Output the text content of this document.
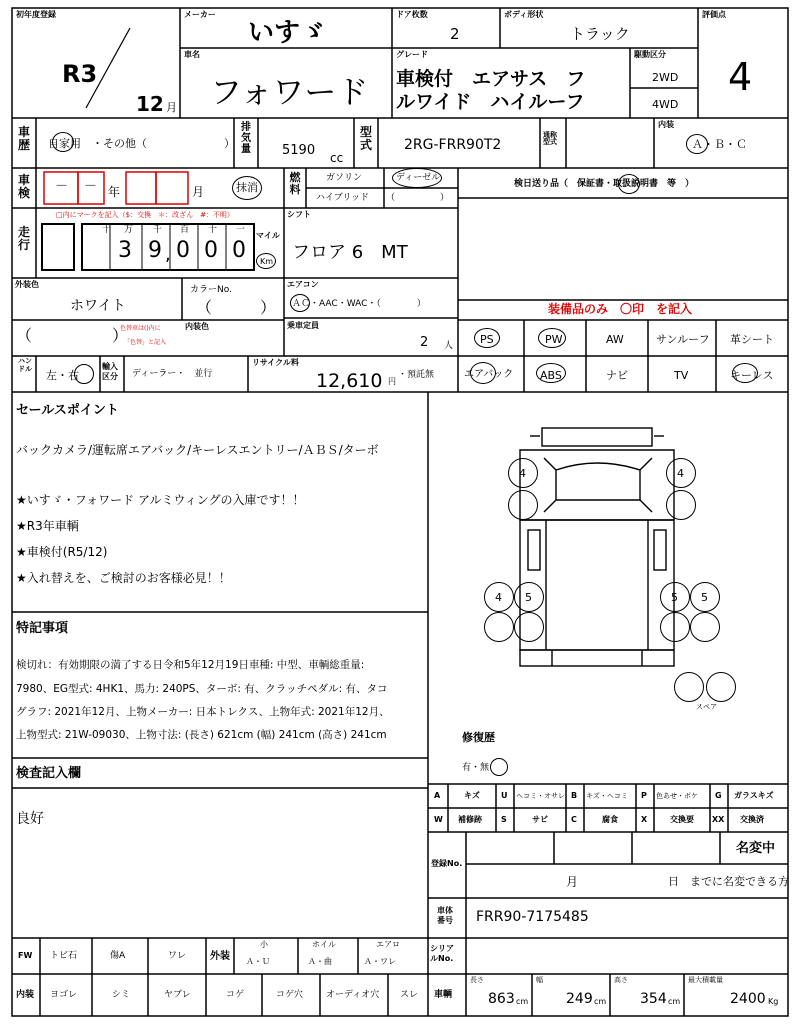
初年度登録
R3
12 月
メーカー
いすゞ
ドア枚数
2
ボディ形状
トラック
評価点
4
車名
フォワード
グレード
車検付　エアサス　フ
ルワイド　ハイルーフ
駆動区分
2WD
4WD
車歴 自家用　・その他（　　　　　　　）
排気量 5190 cc
型式 2RG-FRR90T2
通称型式
内装
Ａ・Ｂ・Ｃ
車検 － － 年	月	抹消
燃料
ガソリン	ディーゼル
ハイブリッド （　　　　　）
検日送り品（　保証書・取扱説明書　等　）
走行
□内にマークを記入（$：交換　＊：改ざん　#：不明）
十 万 千 百 十 一
3 9 , 0 0 0
マイル
Km
シフト
フロア 6　MT
外装色
ホワイト
カラーNo.
（　　　）
（　　　　　）
色替車は()内に
「色替」と記入
内装色
エアコン
ＡＣ・AAC・WAC・（　　　　）
乗車定員
2 人
装備品のみ　〇印　を記入
PS	PW	AW	サンルーフ 革シート
エアバック ABS	ナビ	TV	キーレス
ハンドル
左・右
輸入区分	ディーラー・　並行
リサイクル料
12,610 円
・預託無
セールスポイント
バックカメラ/運転席エアバック/キーレスエントリー/ＡＢＳ/ターボ
★いすゞ・フォワード アルミウィングの入庫です！！
★R3年車輌
★車検付(R5/12)
★入れ替えを、ご検討のお客様必見！！
特記事項
検切れ：有効期限の満了する日令和5年12月19日車種: 中型、車輌総重量:
7980、EG型式: 4HK1、馬力: 240PS、ターボ: 有、クラッチペダル: 有、タコ
グラフ: 2021年12月、上物メーカー: 日本トレクス、上物年式: 2021年12月、
上物型式: 21W-09030、上物寸法: (長さ) 621cm (幅) 241cm (高さ) 241cm
検査記入欄
良好
4	4
4 5	5 5
スペア
修復歴
有・無
A	キズ	U ヘコミ・オサレ B キズ・ヘコミ P 色あせ・ボケ G ガラスキズ
W 補修跡 S	サビ	C	腐食	X	交換要 XX 交換済
登録No.
名変中
月	日　までに名変できる方
車体番号	FRR90-7175485
シリアルNo.
FW トビ石	傷A	ワレ 外装
小
Ａ・Ｕ
ホイル
Ａ・曲
エアロ
Ａ・ワレ
内装 ヨゴレ	シミ	ヤブレ	コゲ	コゲ穴	オーディオ穴 スレ 車輌
長さ
863 cm
幅
249 cm
高さ
354 cm
最大積載量
2400 Kg
